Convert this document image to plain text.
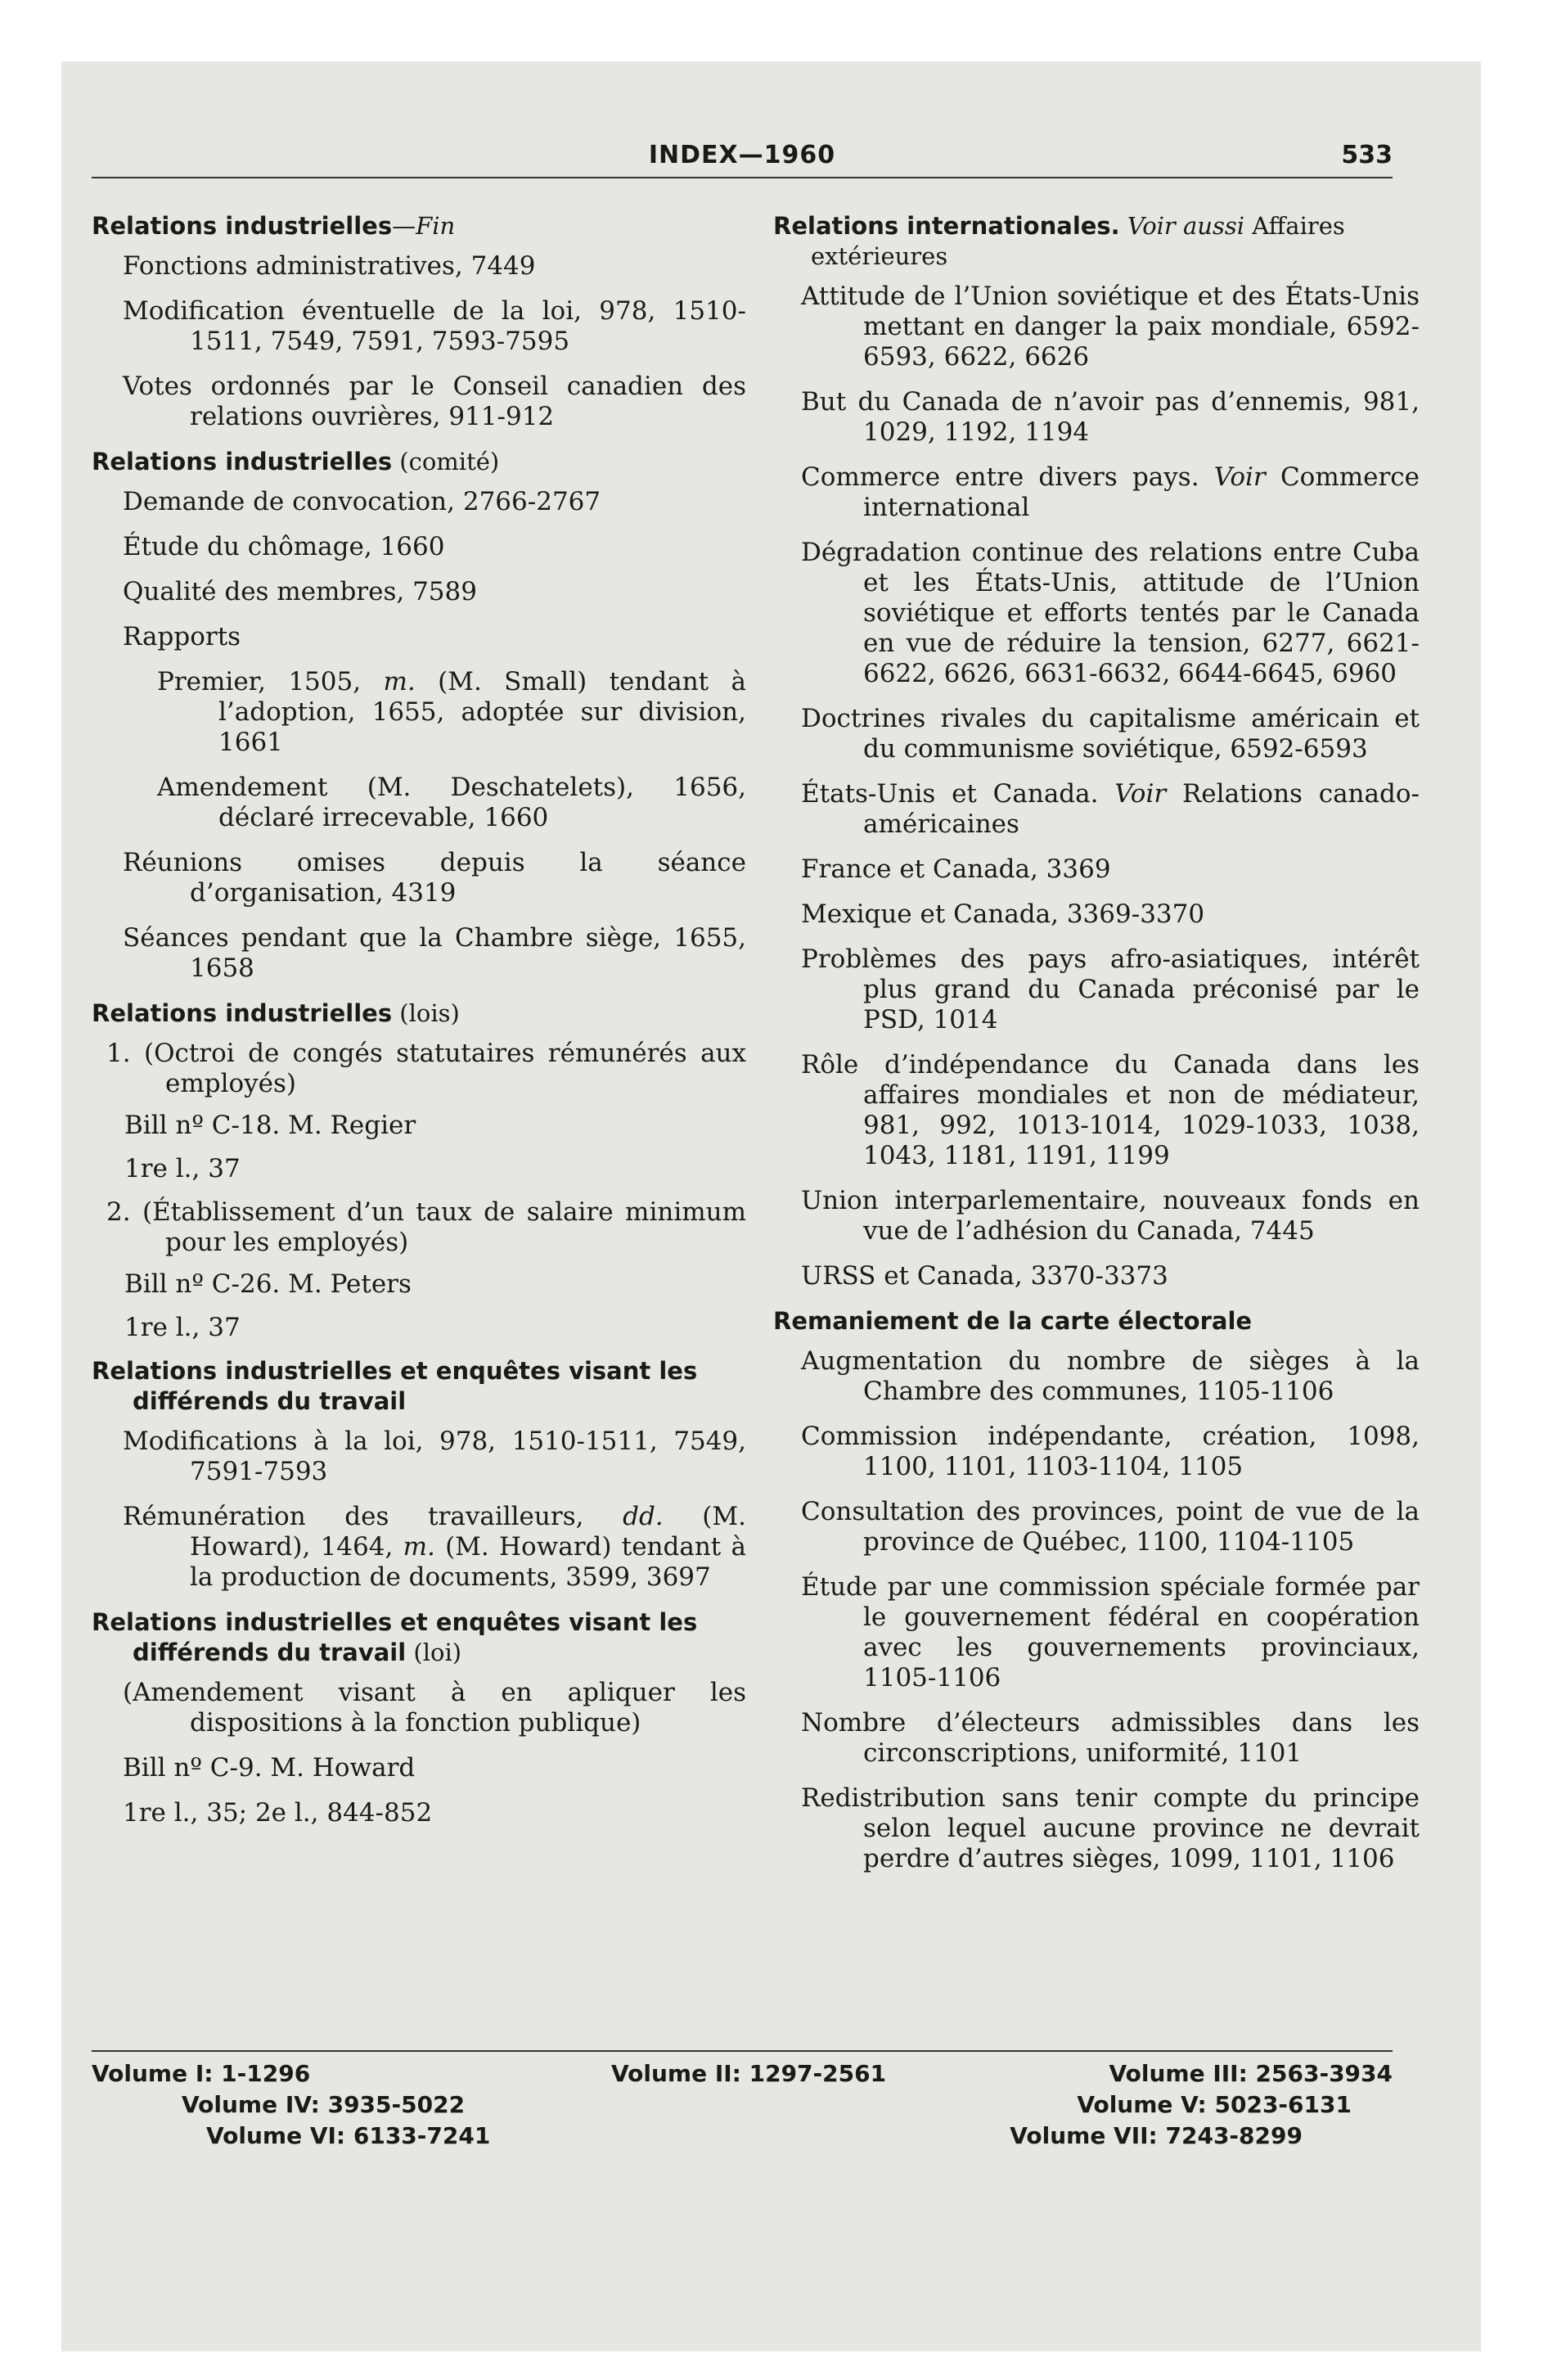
INDEX—1960	533
Relations industrielles—Fin
Fonctions administratives, 7449
Modification éventuelle de la loi, 978, 1510-1511, 7549, 7591, 7593-7595
Votes ordonnés par le Conseil canadien des relations ouvrières, 911-912
Relations industrielles (comité)
Demande de convocation, 2766-2767
Étude du chômage, 1660
Qualité des membres, 7589
Rapports
Premier, 1505, m. (M. Small) tendant à l’adoption, 1655, adoptée sur division, 1661
Amendement (M. Deschatelets), 1656, déclaré irrecevable, 1660
Réunions omises depuis la séance d’organisation, 4319
Séances pendant que la Chambre siège, 1655, 1658
Relations industrielles (lois)
1. (Octroi de congés statutaires rémunérés aux employés)
Bill nº C-18. M. Regier
1re l., 37
2. (Établissement d’un taux de salaire minimum pour les employés)
Bill nº C-26. M. Peters
1re l., 37
Relations industrielles et enquêtes visant les différends du travail
Modifications à la loi, 978, 1510-1511, 7549, 7591-7593
Rémunération des travailleurs, dd. (M. Howard), 1464, m. (M. Howard) tendant à la production de documents, 3599, 3697
Relations industrielles et enquêtes visant les différends du travail (loi)
(Amendement visant à en apliquer les dispositions à la fonction publique)
Bill nº C-9. M. Howard
1re l., 35; 2e l., 844-852
Relations internationales. Voir aussi Affaires extérieures
Attitude de l’Union soviétique et des États-Unis mettant en danger la paix mondiale, 6592-6593, 6622, 6626
But du Canada de n’avoir pas d’ennemis, 981, 1029, 1192, 1194
Commerce entre divers pays. Voir Commerce international
Dégradation continue des relations entre Cuba et les États-Unis, attitude de l’Union soviétique et efforts tentés par le Canada en vue de réduire la tension, 6277, 6621-6622, 6626, 6631-6632, 6644-6645, 6960
Doctrines rivales du capitalisme américain et du communisme soviétique, 6592-6593
États-Unis et Canada. Voir Relations canado-américaines
France et Canada, 3369
Mexique et Canada, 3369-3370
Problèmes des pays afro-asiatiques, intérêt plus grand du Canada préconisé par le PSD, 1014
Rôle d’indépendance du Canada dans les affaires mondiales et non de médiateur, 981, 992, 1013-1014, 1029-1033, 1038, 1043, 1181, 1191, 1199
Union interparlementaire, nouveaux fonds en vue de l’adhésion du Canada, 7445
URSS et Canada, 3370-3373
Remaniement de la carte électorale
Augmentation du nombre de sièges à la Chambre des communes, 1105-1106
Commission indépendante, création, 1098, 1100, 1101, 1103-1104, 1105
Consultation des provinces, point de vue de la province de Québec, 1100, 1104-1105
Étude par une commission spéciale formée par le gouvernement fédéral en coopération avec les gouvernements provinciaux, 1105-1106
Nombre d’électeurs admissibles dans les circonscriptions, uniformité, 1101
Redistribution sans tenir compte du principe selon lequel aucune province ne devrait perdre d’autres sièges, 1099, 1101, 1106
Volume I: 1-1296	Volume II: 1297-2561	Volume III: 2563-3934
Volume IV: 3935-5022	Volume V: 5023-6131
Volume VI: 6133-7241	Volume VII: 7243-8299
